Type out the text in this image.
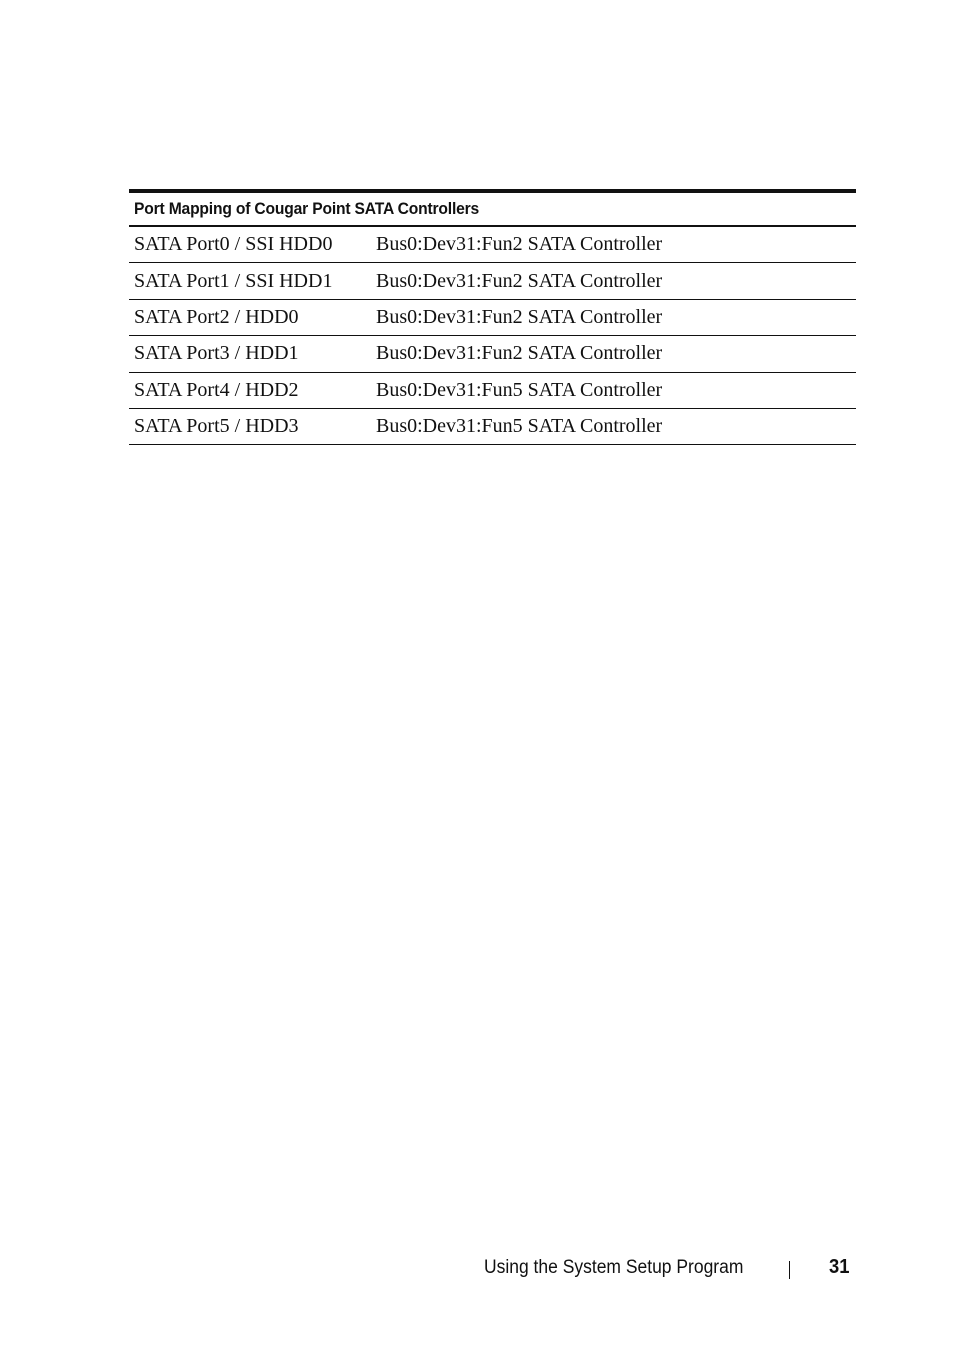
Port Mapping of Cougar Point SATA Controllers
SATA Port0 / SSI HDD0	Bus0:Dev31:Fun2 SATA Controller
SATA Port1 / SSI HDD1	Bus0:Dev31:Fun2 SATA Controller
SATA Port2 / HDD0	Bus0:Dev31:Fun2 SATA Controller
SATA Port3 / HDD1	Bus0:Dev31:Fun2 SATA Controller
SATA Port4 / HDD2	Bus0:Dev31:Fun5 SATA Controller
SATA Port5 / HDD3	Bus0:Dev31:Fun5 SATA Controller
Using the System Setup Program	31
